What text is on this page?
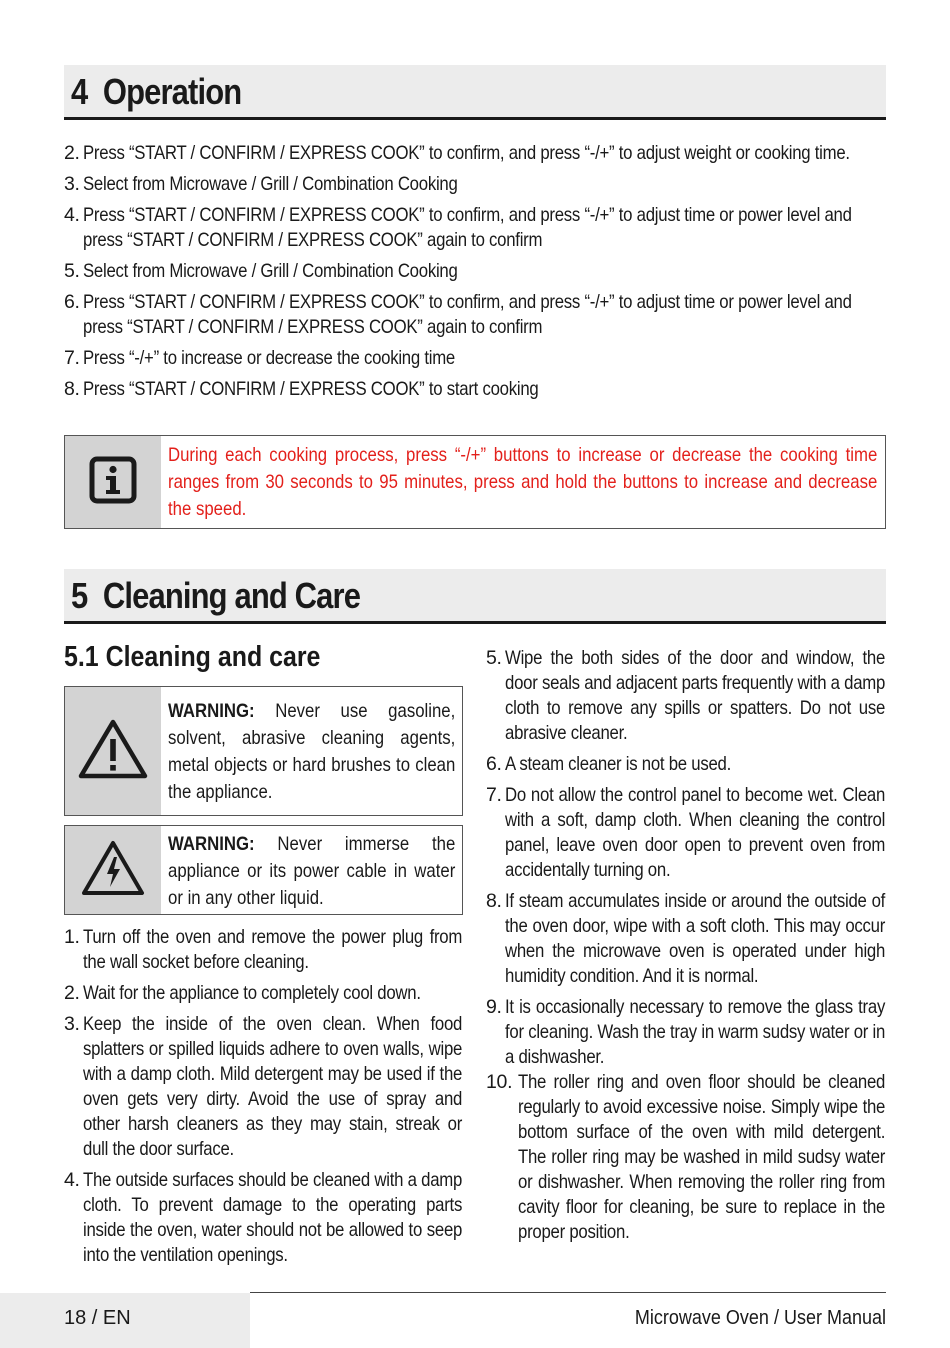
4 Operation
2. Press “START / CONFIRM / EXPRESS COOK” to confirm, and press “-/+” to adjust weight or cooking time.
3. Select from Microwave / Grill / Combination Cooking
4. Press “START / CONFIRM / EXPRESS COOK” to confirm, and press “-/+” to adjust time or power level and press “START / CONFIRM / EXPRESS COOK” again to confirm
5. Select from Microwave / Grill / Combination Cooking
6. Press “START / CONFIRM / EXPRESS COOK” to confirm, and press “-/+” to adjust time or power level and press “START / CONFIRM / EXPRESS COOK” again to confirm
7. Press “-/+” to increase or decrease the cooking time
8. Press “START / CONFIRM / EXPRESS COOK” to start cooking
During each cooking process, press “-/+” buttons to increase or decrease the cooking time ranges from 30 seconds to 95 minutes, press and hold the buttons to increase and decrease the speed.
5 Cleaning and Care
5.1 Cleaning and care
WARNING: Never use gasoline, solvent, abrasive cleaning agents, metal objects or hard brushes to clean the appliance.
WARNING: Never immerse the appliance or its power cable in water or in any other liquid.
1. Turn off the oven and remove the power plug from the wall socket before cleaning.
2. Wait for the appliance to completely cool down.
3. Keep the inside of the oven clean. When food splatters or spilled liquids adhere to oven walls, wipe with a damp cloth. Mild detergent may be used if the oven gets very dirty. Avoid the use of spray and other harsh cleaners as they may stain, streak or dull the door surface.
4. The outside surfaces should be cleaned with a damp cloth. To prevent damage to the operating parts inside the oven, water should not be allowed to seep into the ventilation openings.
5. Wipe the both sides of the door and window, the door seals and adjacent parts frequently with a damp cloth to remove any spills or spatters. Do not use abrasive cleaner.
6. A steam cleaner is not be used.
7. Do not allow the control panel to become wet. Clean with a soft, damp cloth. When cleaning the control panel, leave oven door open to prevent oven from accidentally turning on.
8. If steam accumulates inside or around the outside of the oven door, wipe with a soft cloth. This may occur when the microwave oven is operated under high humidity condition. And it is normal.
9. It is occasionally necessary to remove the glass tray for cleaning. Wash the tray in warm sudsy water or in a dishwasher.
10. The roller ring and oven floor should be cleaned regularly to avoid excessive noise. Simply wipe the bottom surface of the oven with mild detergent. The roller ring may be washed in mild sudsy water or dishwasher. When removing the roller ring from cavity floor for cleaning, be sure to replace in the proper position.
18 / EN	Microwave Oven / User Manual
